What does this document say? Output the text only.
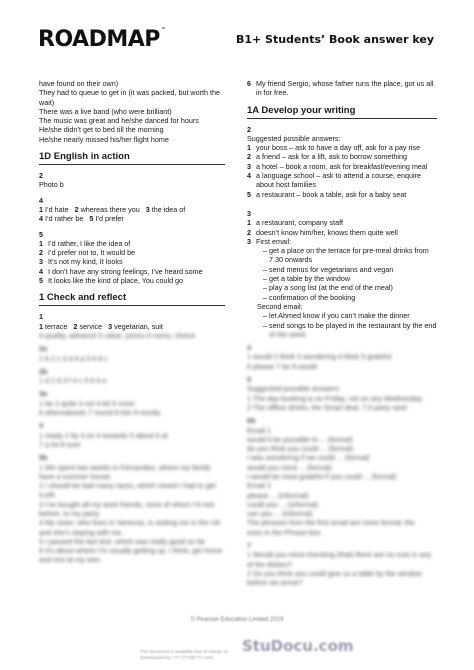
ROADMAP™
B1+ Students’ Book answer key
have found on their own)
They had to queue to get in (it was packed, but worth the
wait)
There was a live band (who were brilliant)
The music was great and he/she danced for hours
He/she didn’t get to bed till the morning
He/she nearly missed his/her flight home
1D English in action
2
Photo b
4
1 I’d hate 2 whereas there you 3 the idea of
4 I’d rather be 5 I’d prefer
5
1 I’d rather, I like the idea of
2 I’d prefer not to, It would be
3 It’s not my kind, It looks
4 I don’t have any strong feelings, I’ve heard some
5 It looks like the kind of place, You could go
1 Check and reflect
1
1 terrace 2 service 3 vegetarian, suit
4 quality, advance 5 value, prices 6 menu, choice
2a
1 b 2 c 3 d 4 a 5 b 6 c
2b
1 d 2 d 3 f 4 c 5 b 6 e
3a
1 be 2 quite 3 not 4 bit 5 more
6 whereabouts 7 round 8 lots 9 mostly
4
1 ready 2 by 3 on 4 towards 5 about 6 at
7 a lot 8 sure
5b
1 We spent two weeks in Fernandos, where my family
have a summer house.
2 I should be bad many races, which meant I had to get
a job.
3 I’ve bought all my work friends, none of whom I’d met
before, to my party.
4 My sister, who lives in Vanessa, is visiting me in the UK
and she’s staying with me.
5 I passed the last test, which was really good so far
6 It’s about where I’m usually getting up, I think, get home
and rest at my own.
6 My friend Sergio, whose father runs the place, got us all
in for free.
1A Develop your writing
2
Suggested possible answers:
1 your boss – ask to have a day off, ask for a pay rise
2 a friend – ask for a lift, ask to borrow something
3 a hotel – book a room, ask for breakfast/evening meal
4 a language school – ask to attend a course, enquire
about host families
5 a restaurant – book a table, ask for a baby seat
3
1 a restaurant, company staff
2 doesn’t know him/her, knows them quite well
3 First email:
– get a place on the terrace for pre-meal drinks from
7.30 onwards
– send menus for vegetarians and vegan
– get a table by the window
– play a song list (at the end of the meal)
– confirmation of the booking
Second email:
– let Ahmed know if you can’t make the dinner
– send songs to be played in the restaurant by the end
of the week
4
1 would 2 think 3 wondering 4 think 5 grateful
6 please 7 be 8 would
5
Suggested possible answers:
1 The day booking is on Friday, not on any Wednesday.
2 The offline drinks, the Smart deal, 7.0 party rand
6b
Email 1
would it be possible to ... (formal)
do you think you could ... (formal)
I was wondering if we could ... (formal)
would you mind ... (formal)
I would be most grateful if you could ... (formal)
Email 2
please ... (informal)
could you ... (informal)
can you ... (informal)
The phrases from the first email are more formal; the
ones in the Phrase box.
7
1 Would you mind checking (that) there are no nuts in any
of the dishes?
2 Do you think you could give us a table by the window
before we arrive?
© Pearson Education Limited 2019
This document is available free of charge on
Downloaded by ??? (???@???.com)
StuDocu.com
